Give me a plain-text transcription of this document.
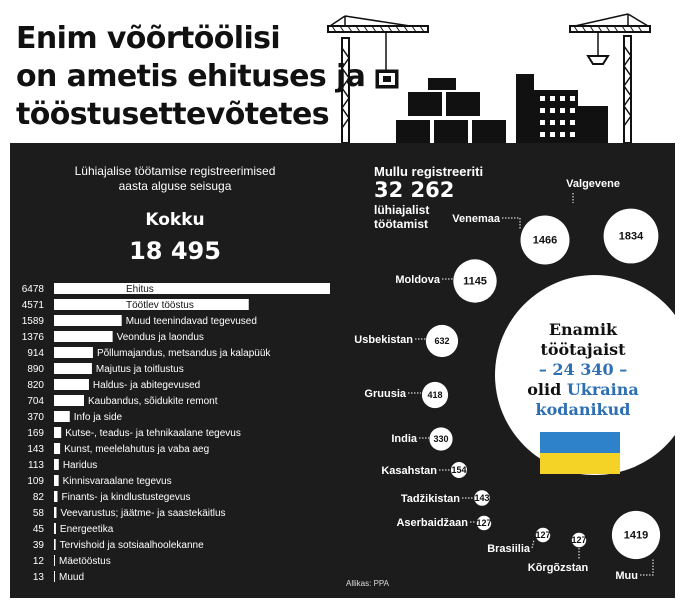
Enim võõrtöölisi
on ametis ehituses ja
tööstusettevõtetes
Lühiajalise töötamise registreerimised
aasta alguse seisuga
Kokku
18 495
Mullu registreeriti
32 262
lühiajalist
töötamist
6478	Ehitus
4571	Töötlev tööstus
1589	Muud teenindavad tegevused
1376	Veondus ja laondus
914	Põllumajandus, metsandus ja kalapüük
890	Majutus ja toitlustus
820	Haldus- ja abitegevused
704	Kaubandus, sõidukite remont
370	Info ja side
169 Kutse-, teadus- ja tehnikaalane tegevus
143 Kunst, meelelahutus ja vaba aeg
113 Haridus
109 Kinnisvaraalane tegevus
82 Finants- ja kindlustustegevus
58 Veevarustus; jäätme- ja saastekäitlus
45 Energeetika
39 Tervishoid ja sotsiaalhoolekanne
12 Mäetööstus
13 Muud
1834
Valgevene
1466
Venemaa
1145
Moldova
632
Usbekistan
418
Gruusia
330
India
154
Kasahstan
143
Tadžikistan
127
Aserbaidžaan
127
Brasiilia
127
Kõrgõzstan
1419
Muu
Allikas: PPA
Enamik
töötajaist
– 24 340 –
olid Ukraina
kodanikud
